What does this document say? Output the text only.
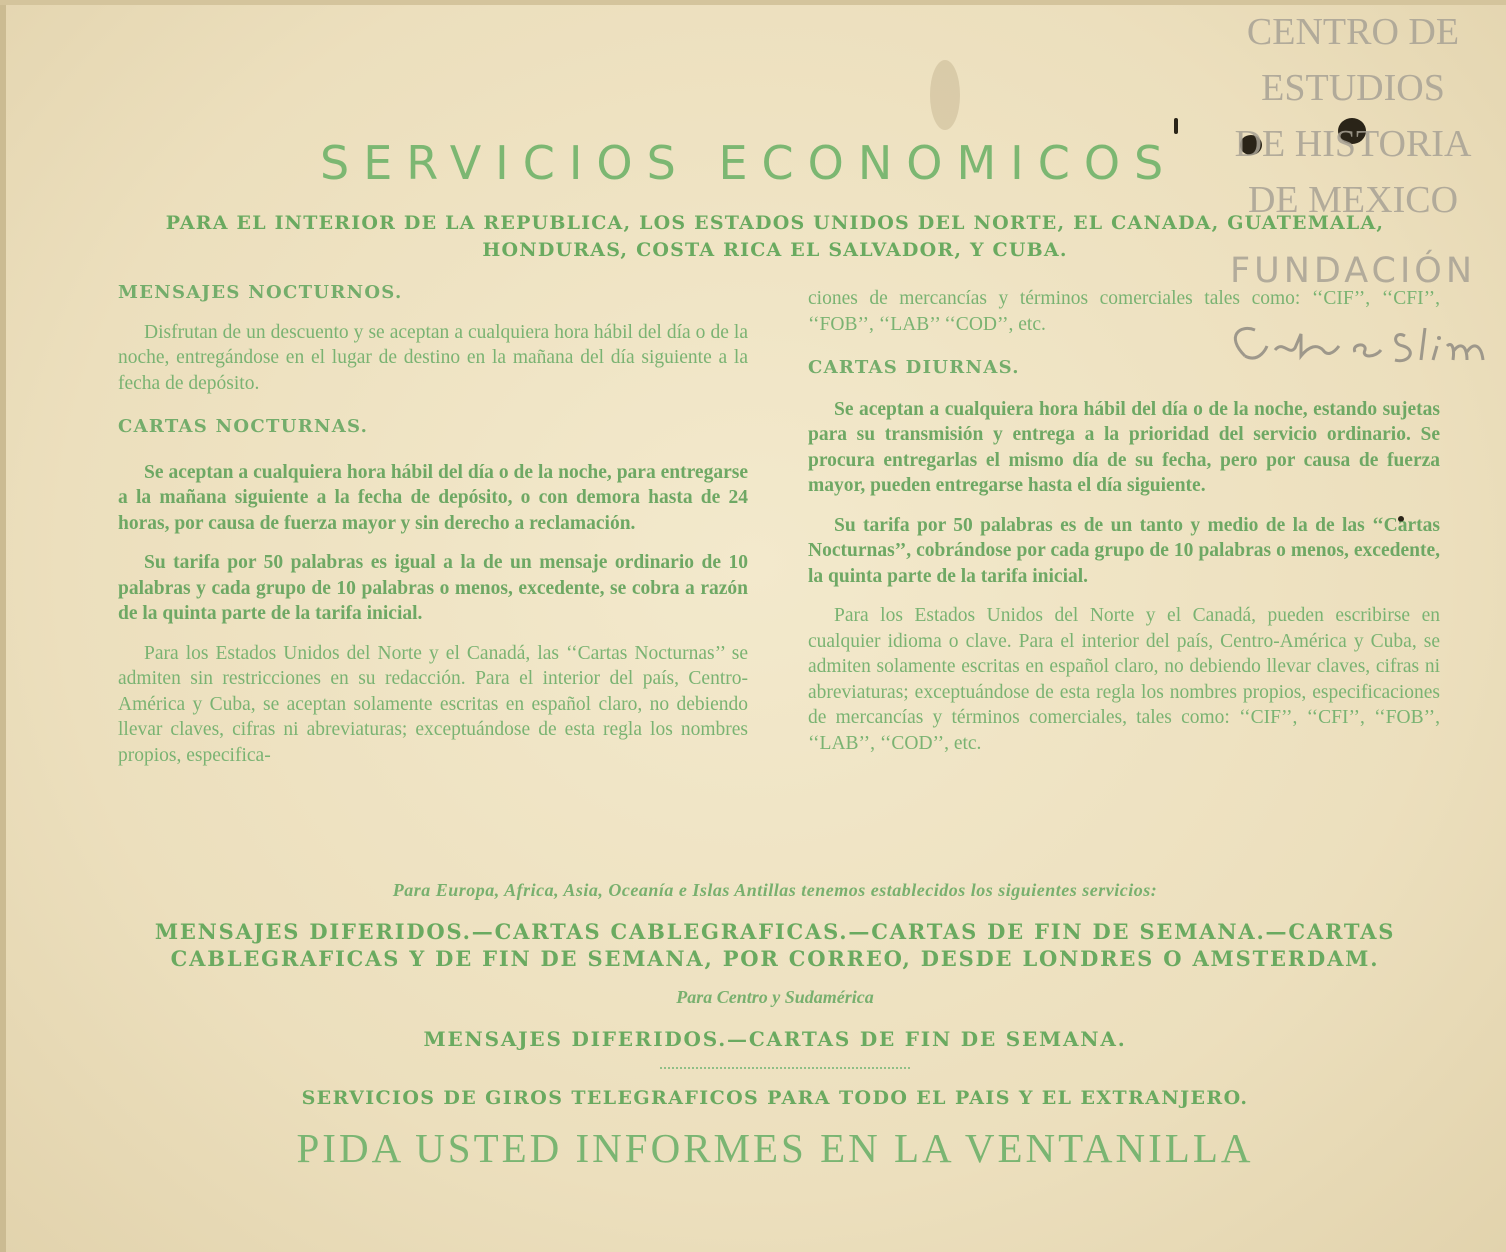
SERVICIOS ECONOMICOS
PARA EL INTERIOR DE LA REPUBLICA, LOS ESTADOS UNIDOS DEL NORTE, EL CANADA, GUATEMALA, HONDURAS, COSTA RICA EL SALVADOR, Y CUBA.

MENSAJES NOCTURNOS.

Disfrutan de un descuento y se aceptan a cualquiera hora hábil del día o de la noche, entregándose en el lugar de destino en la mañana del día siguiente a la fecha de depósito.

CARTAS NOCTURNAS.

Se aceptan a cualquiera hora hábil del día o de la noche, para entregarse a la mañana siguiente a la fecha de depósito, o con demora hasta de 24 horas, por causa de fuerza mayor y sin derecho a reclamación.

Su tarifa por 50 palabras es igual a la de un mensaje ordinario de 10 palabras y cada grupo de 10 palabras o menos, excedente, se cobra a razón de la quinta parte de la tarifa inicial.

Para los Estados Unidos del Norte y el Canadá, las ‘‘Cartas Nocturnas’’ se admiten sin restricciones en su redacción. Para el interior del país, Centro-América y Cuba, se aceptan solamente escritas en español claro, no debiendo llevar claves, cifras ni abreviaturas; exceptuándose de esta regla los nombres propios, especifica-

ciones de mercancías y términos comerciales tales como: ‘‘CIF’’, ‘‘CFI’’, ‘‘FOB’’, ‘‘LAB’’ ‘‘COD’’, etc.

CARTAS DIURNAS.

Se aceptan a cualquiera hora hábil del día o de la noche, estando sujetas para su transmisión y entrega a la prioridad del servicio ordinario. Se procura entregarlas el mismo día de su fecha, pero por causa de fuerza mayor, pueden entregarse hasta el día siguiente.

Su tarifa por 50 palabras es de un tanto y medio de la de las ‘‘Cartas Nocturnas’’, cobrándose por cada grupo de 10 palabras o menos, excedente, la quinta parte de la tarifa inicial.

Para los Estados Unidos del Norte y el Canadá, pueden escribirse en cualquier idioma o clave. Para el interior del país, Centro-América y Cuba, se admiten solamente escritas en español claro, no debiendo llevar claves, cifras ni abreviaturas; exceptuándose de esta regla los nombres propios, especificaciones de mercancías y términos comerciales, tales como: ‘‘CIF’’, ‘‘CFI’’, ‘‘FOB’’, ‘‘LAB’’, ‘‘COD’’, etc.

Para Europa, Africa, Asia, Oceanía e Islas Antillas tenemos establecidos los siguientes servicios:
MENSAJES DIFERIDOS.—CARTAS CABLEGRAFICAS.—CARTAS DE FIN DE SEMANA.—CARTAS CABLEGRAFICAS Y DE FIN DE SEMANA, POR CORREO, DESDE LONDRES O AMSTERDAM.
Para Centro y Sudamérica
MENSAJES DIFERIDOS.—CARTAS DE FIN DE SEMANA.
SERVICIOS DE GIROS TELEGRAFICOS PARA TODO EL PAIS Y EL EXTRANJERO.
PIDA USTED INFORMES EN LA VENTANILLA
CENTRO DE
ESTUDIOS
DE HISTORIA
DE MEXICO
FUNDACIÓN
